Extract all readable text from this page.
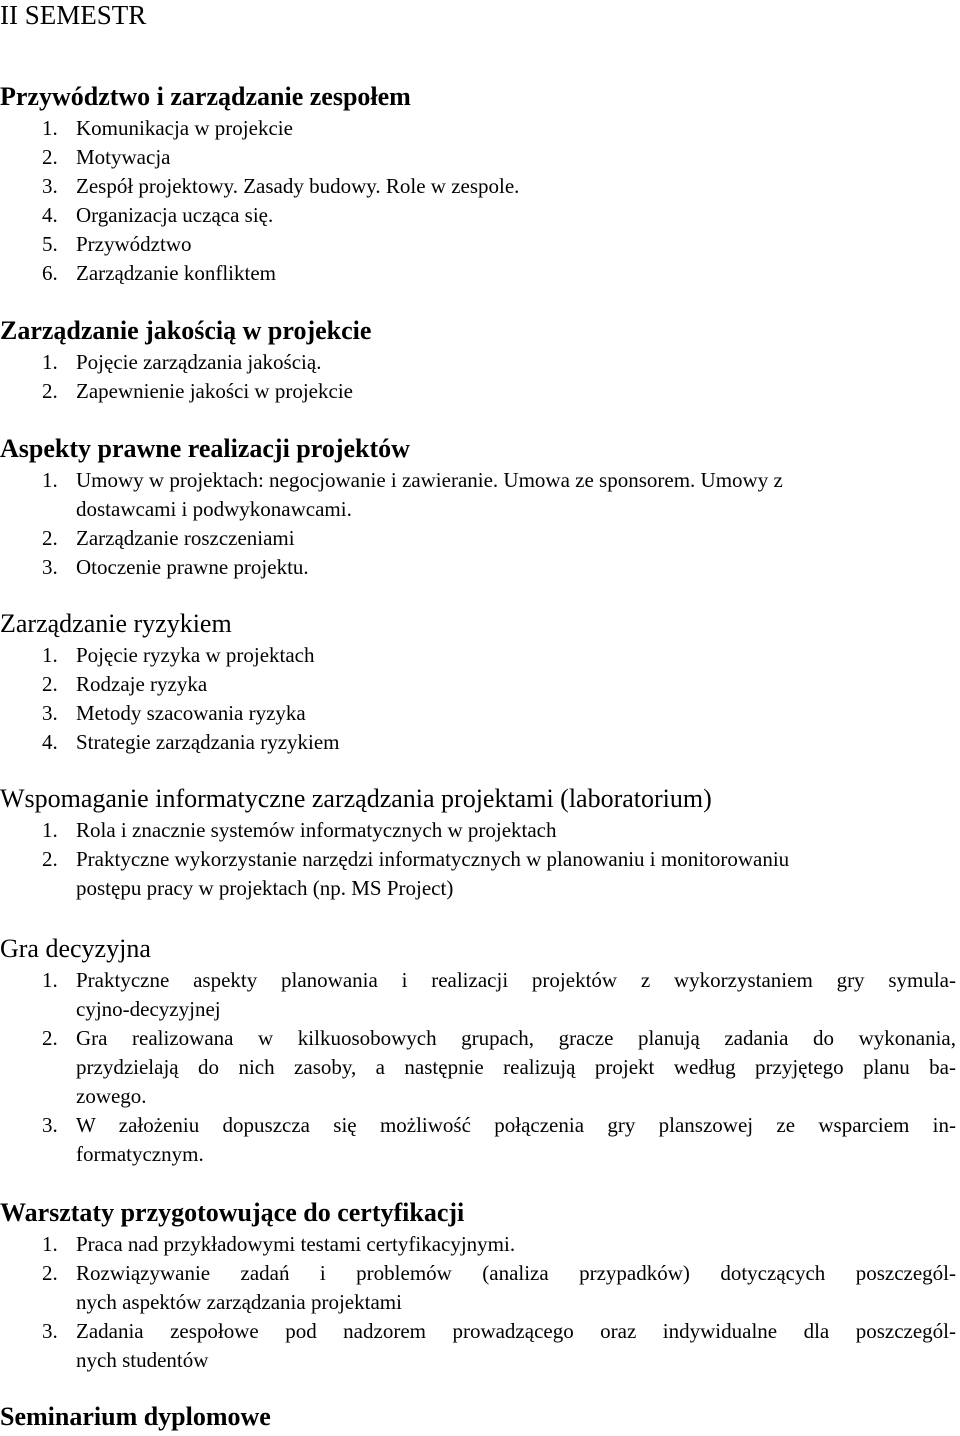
II SEMESTR
Przywództwo i zarządzanie zespołem
1. Komunikacja w projekcie
2. Motywacja
3. Zespół projektowy. Zasady budowy. Role w zespole.
4. Organizacja ucząca się.
5. Przywództwo
6. Zarządzanie konfliktem
Zarządzanie jakością w projekcie
1. Pojęcie zarządzania jakością.
2. Zapewnienie jakości w projekcie
Aspekty prawne realizacji projektów
1. Umowy w projektach: negocjowanie i zawieranie. Umowa ze sponsorem. Umowy z
dostawcami i podwykonawcami.
2. Zarządzanie roszczeniami
3. Otoczenie prawne projektu.
Zarządzanie ryzykiem
1. Pojęcie ryzyka w projektach
2. Rodzaje ryzyka
3. Metody szacowania ryzyka
4. Strategie zarządzania ryzykiem
Wspomaganie informatyczne zarządzania projektami (laboratorium)
1. Rola i znacznie systemów informatycznych w projektach
2. Praktyczne wykorzystanie narzędzi informatycznych w planowaniu i monitorowaniu
postępu pracy w projektach (np. MS Project)
Gra decyzyjna
1. Praktyczne aspekty planowania i realizacji projektów z wykorzystaniem gry symula-
cyjno-decyzyjnej
2. Gra realizowana w kilkuosobowych grupach, gracze planują zadania do wykonania,
przydzielają do nich zasoby, a następnie realizują projekt według przyjętego planu ba-
zowego.
3. W założeniu dopuszcza się możliwość połączenia gry planszowej ze wsparciem in-
formatycznym.
Warsztaty przygotowujące do certyfikacji
1. Praca nad przykładowymi testami certyfikacyjnymi.
2. Rozwiązywanie zadań i problemów (analiza przypadków) dotyczących poszczegól-
nych aspektów zarządzania projektami
3. Zadania zespołowe pod nadzorem prowadzącego oraz indywidualne dla poszczegól-
nych studentów
Seminarium dyplomowe
